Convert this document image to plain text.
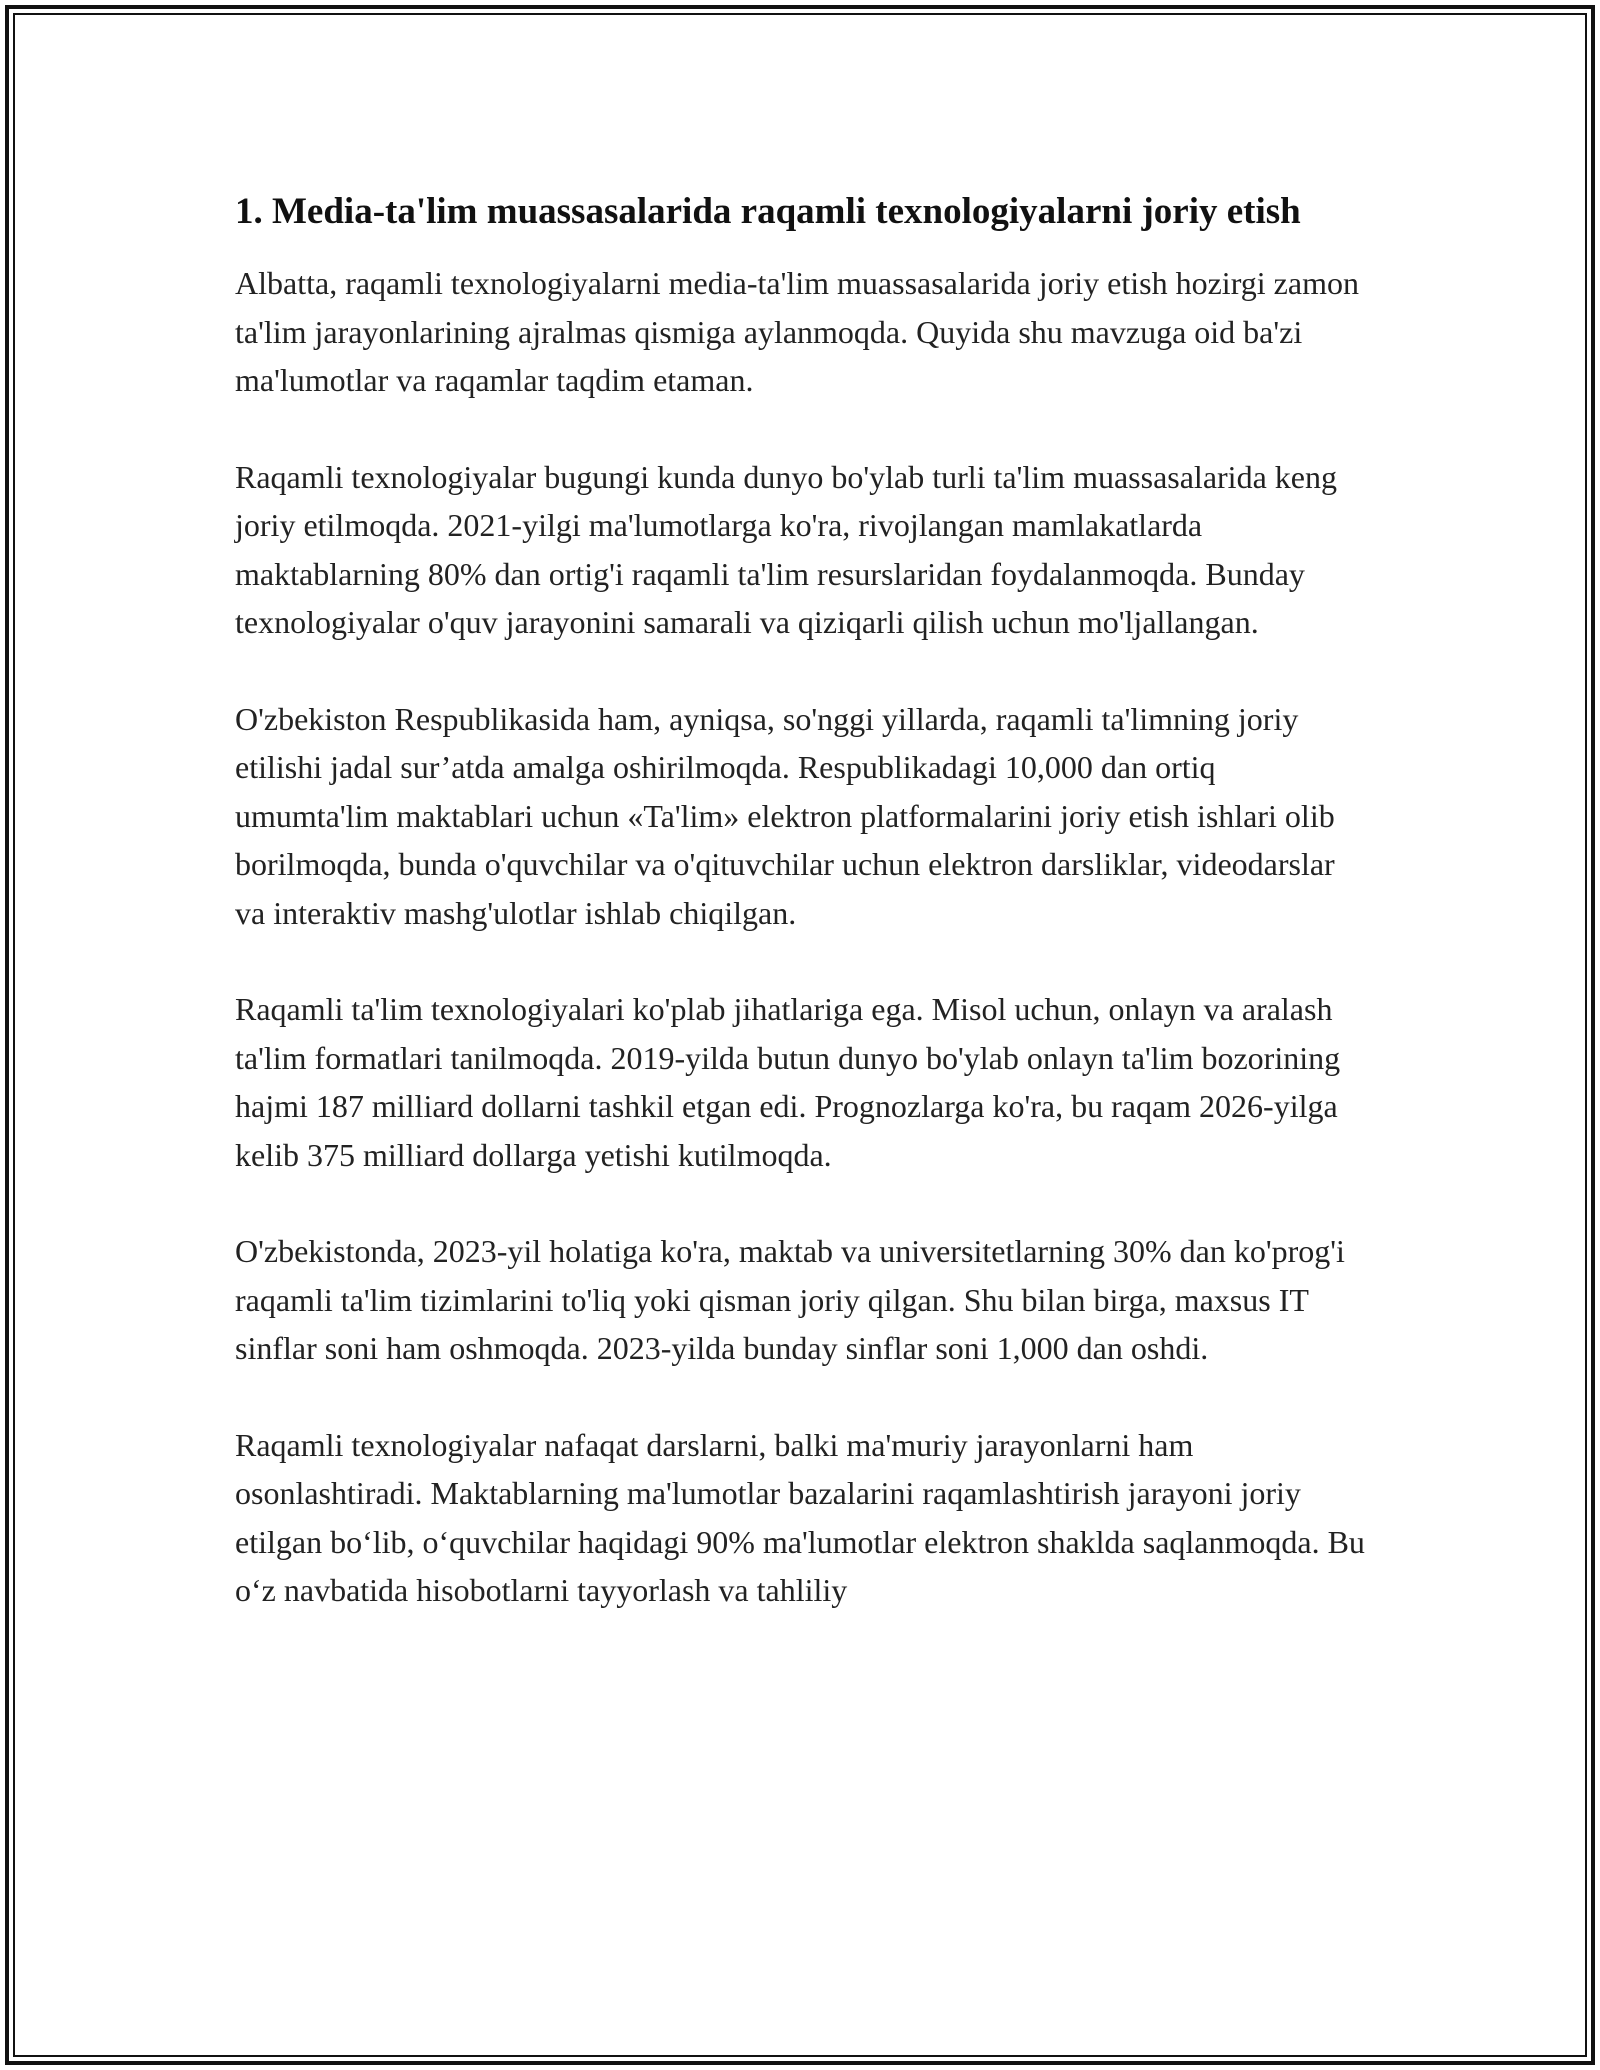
1. Media-ta'lim muassasalarida raqamli texnologiyalarni joriy etish

Albatta, raqamli texnologiyalarni media-ta'lim muassasalarida joriy etish hozirgi zamon ta'lim jarayonlarining ajralmas qismiga aylanmoqda. Quyida shu mavzuga oid ba'zi ma'lumotlar va raqamlar taqdim etaman.

Raqamli texnologiyalar bugungi kunda dunyo bo'ylab turli ta'lim muassasalarida keng joriy etilmoqda. 2021-yilgi ma'lumotlarga ko'ra, rivojlangan mamlakatlarda maktablarning 80% dan ortig'i raqamli ta'lim resurslaridan foydalanmoqda. Bunday texnologiyalar o'quv jarayonini samarali va qiziqarli qilish uchun mo'ljallangan.

O'zbekiston Respublikasida ham, ayniqsa, so'nggi yillarda, raqamli ta'limning joriy etilishi jadal sur’atda amalga oshirilmoqda. Respublikadagi 10,000 dan ortiq umumta'lim maktablari uchun «Ta'lim» elektron platformalarini joriy etish ishlari olib borilmoqda, bunda o'quvchilar va o'qituvchilar uchun elektron darsliklar, videodarslar va interaktiv mashg'ulotlar ishlab chiqilgan.

Raqamli ta'lim texnologiyalari ko'plab jihatlariga ega. Misol uchun, onlayn va aralash ta'lim formatlari tanilmoqda. 2019-yilda butun dunyo bo'ylab onlayn ta'lim bozorining hajmi 187 milliard dollarni tashkil etgan edi. Prognozlarga ko'ra, bu raqam 2026-yilga kelib 375 milliard dollarga yetishi kutilmoqda.

O'zbekistonda, 2023-yil holatiga ko'ra, maktab va universitetlarning 30% dan ko'prog'i raqamli ta'lim tizimlarini to'liq yoki qisman joriy qilgan. Shu bilan birga, maxsus IT sinflar soni ham oshmoqda. 2023-yilda bunday sinflar soni 1,000 dan oshdi.

Raqamli texnologiyalar nafaqat darslarni, balki ma'muriy jarayonlarni ham osonlashtiradi. Maktablarning ma'lumotlar bazalarini raqamlashtirish jarayoni joriy etilgan bo‘lib, o‘quvchilar haqidagi 90% ma'lumotlar elektron shakldа saqlanmoqda. Bu o‘z navbatida hisobotlarni tayyorlash va tahliliy
